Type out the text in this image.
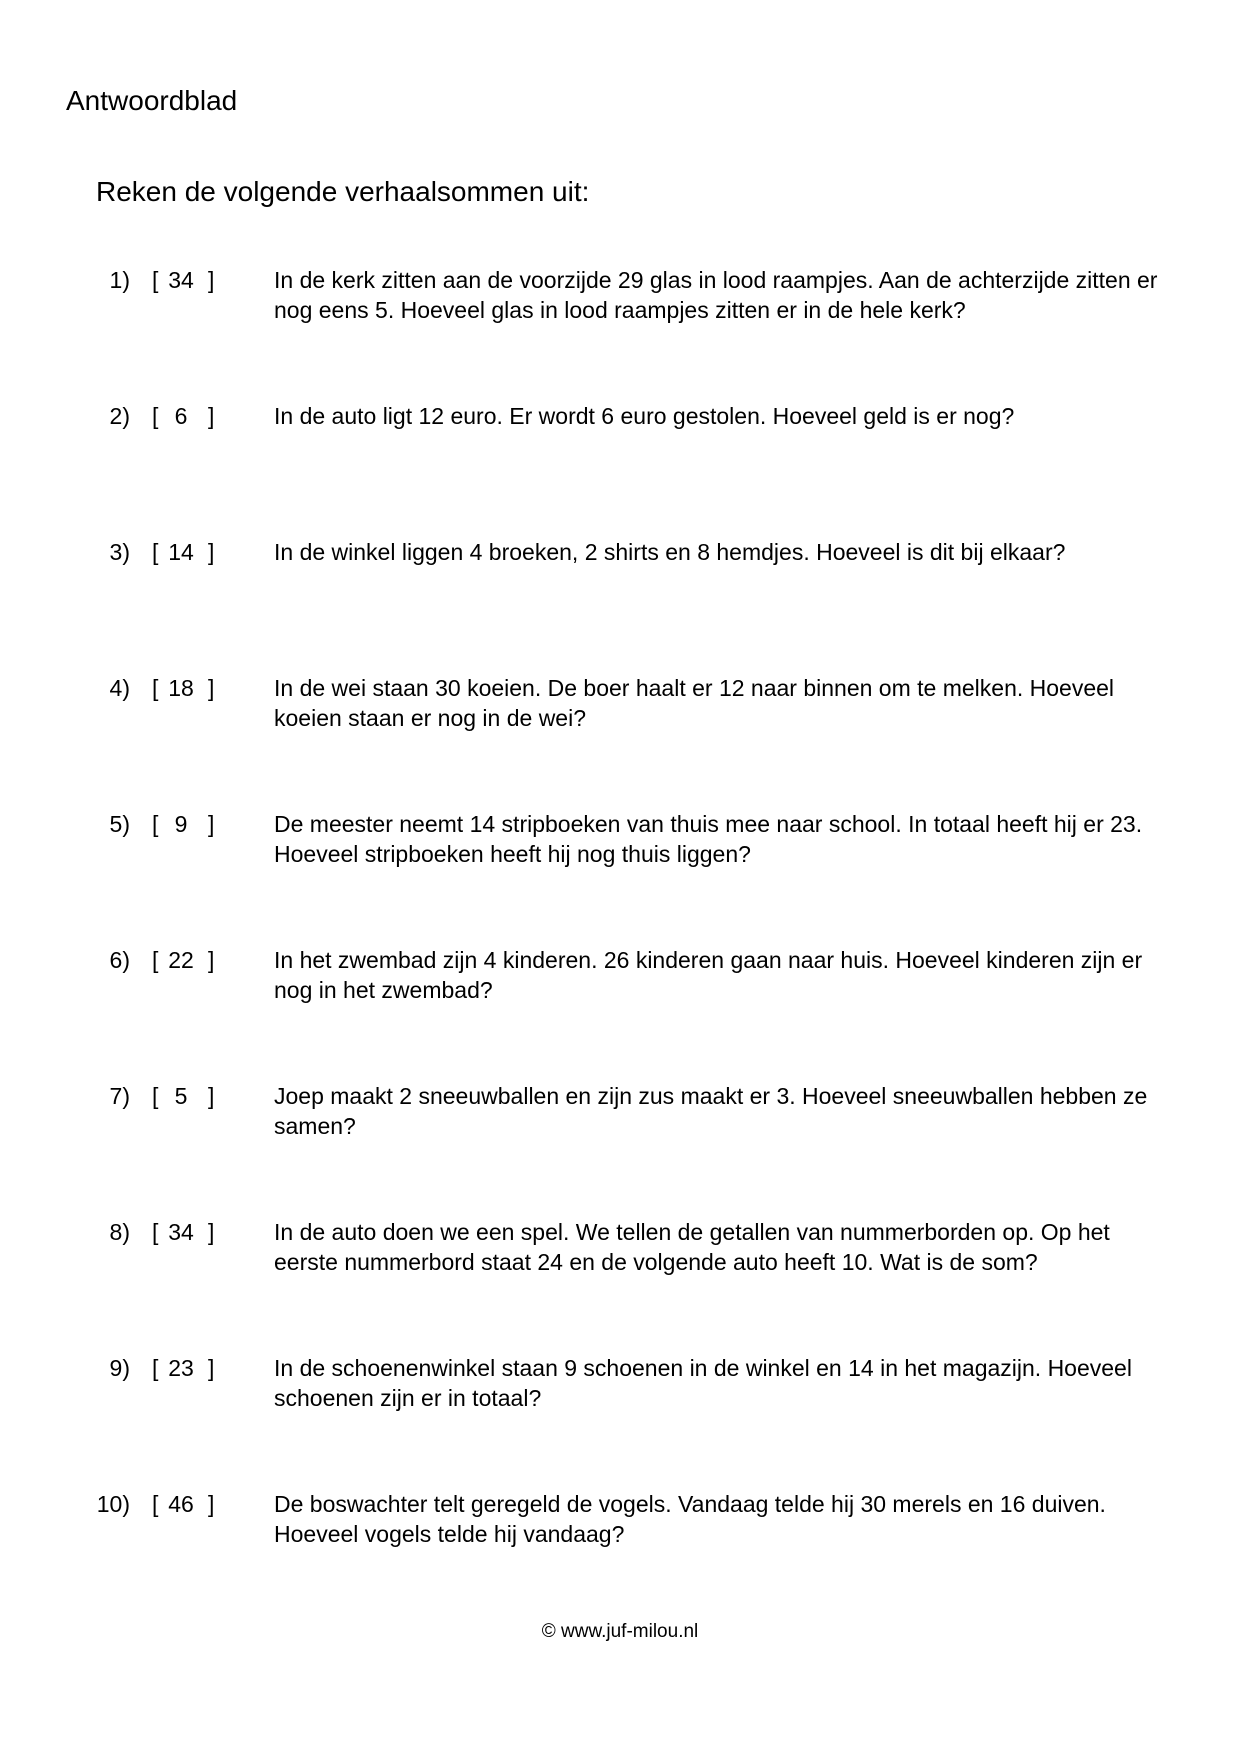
Antwoordblad
Reken de volgende verhaalsommen uit:
1) [ 34 ]	In de kerk zitten aan de voorzijde 29 glas in lood raampjes. Aan de achterzijde zitten er nog eens 5. Hoeveel glas in lood raampjes zitten er in de hele kerk?

2) [ 6 ]	In de auto ligt 12 euro. Er wordt 6 euro gestolen. Hoeveel geld is er nog?

3) [ 14 ]	In de winkel liggen 4 broeken, 2 shirts en 8 hemdjes. Hoeveel is dit bij elkaar?

4) [ 18 ]	In de wei staan 30 koeien. De boer haalt er 12 naar binnen om te melken. Hoeveel koeien staan er nog in de wei?

5) [ 9 ]	De meester neemt 14 stripboeken van thuis mee naar school. In totaal heeft hij er 23. Hoeveel stripboeken heeft hij nog thuis liggen?

6) [ 22 ]	In het zwembad zijn 4 kinderen. 26 kinderen gaan naar huis. Hoeveel kinderen zijn er nog in het zwembad?

7) [ 5 ]	Joep maakt 2 sneeuwballen en zijn zus maakt er 3. Hoeveel sneeuwballen hebben ze samen?

8) [ 34 ]	In de auto doen we een spel. We tellen de getallen van nummerborden op. Op het eerste nummerbord staat 24 en de volgende auto heeft 10. Wat is de som?

9) [ 23 ]	In de schoenenwinkel staan 9 schoenen in de winkel en 14 in het magazijn. Hoeveel schoenen zijn er in totaal?

10) [ 46 ]	De boswachter telt geregeld de vogels. Vandaag telde hij 30 merels en 16 duiven. Hoeveel vogels telde hij vandaag?

© www.juf-milou.nl
